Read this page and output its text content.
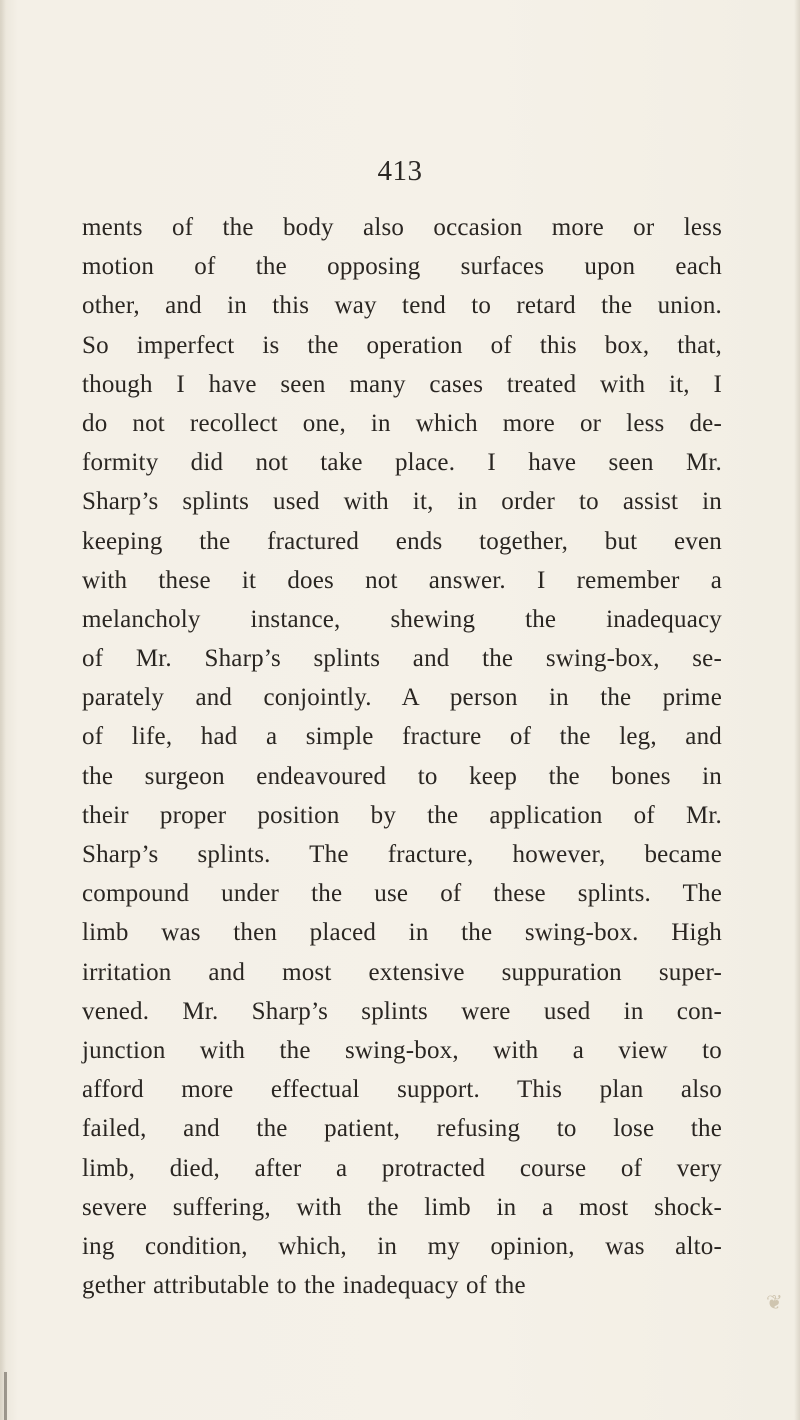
413
ments of the body also occasion more or less
motion of the opposing surfaces upon each
other, and in this way tend to retard the union.
So imperfect is the operation of this box, that,
though I have seen many cases treated with it, I
do not recollect one, in which more or less de-
formity did not take place. I have seen Mr.
Sharp’s splints used with it, in order to assist in
keeping the fractured ends together, but even
with these it does not answer. I remember a
melancholy instance, shewing the inadequacy
of Mr. Sharp’s splints and the swing-box, se-
parately and conjointly. A person in the prime
of life, had a simple fracture of the leg, and
the surgeon endeavoured to keep the bones in
their proper position by the application of Mr.
Sharp’s splints. The fracture, however, became
compound under the use of these splints. The
limb was then placed in the swing-box. High
irritation and most extensive suppuration super-
vened. Mr. Sharp’s splints were used in con-
junction with the swing-box, with a view to
afford more effectual support. This plan also
failed, and the patient, refusing to lose the
limb, died, after a protracted course of very
severe suffering, with the limb in a most shock-
ing condition, which, in my opinion, was alto-
gether attributable to the inadequacy of the
❦
